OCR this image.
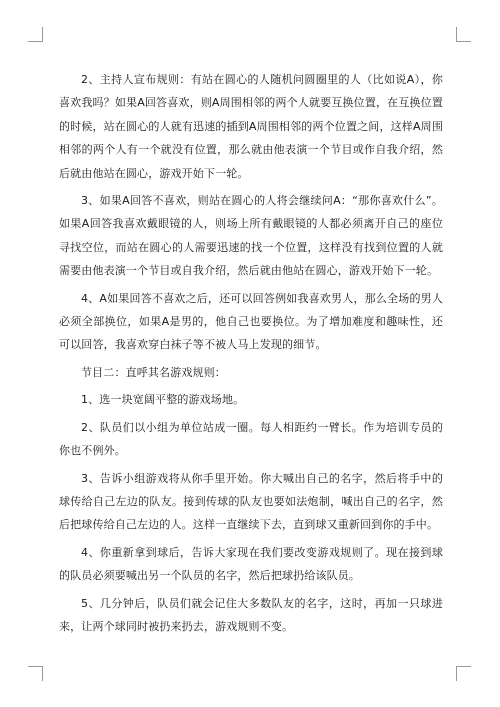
2、主持人宣布规则：有站在圆心的人随机问圆圈里的人（比如说A），你喜欢我吗？如果A回答喜欢，则A周围相邻的两个人就要互换位置，在互换位置的时候，站在圆心的人就有迅速的插到A周围相邻的两个位置之间，这样A周围相邻的两个人有一个就没有位置，那么就由他表演一个节目或作自我介绍，然后就由他站在圆心，游戏开始下一轮。

3、如果A回答不喜欢，则站在圆心的人将会继续问A：“那你喜欢什么”。如果A回答我喜欢戴眼镜的人，则场上所有戴眼镜的人都必须离开自己的座位寻找空位，而站在圆心的人需要迅速的找一个位置，这样没有找到位置的人就需要由他表演一个节目或自我介绍，然后就由他站在圆心，游戏开始下一轮。

4、A如果回答不喜欢之后，还可以回答例如我喜欢男人，那么全场的男人必须全部换位，如果A是男的，他自己也要换位。为了增加难度和趣味性，还可以回答，我喜欢穿白袜子等不被人马上发现的细节。

节目二：直呼其名游戏规则：

1、选一块宽阔平整的游戏场地。

2、队员们以小组为单位站成一圈。每人相距约一臂长。作为培训专员的你也不例外。

3、告诉小组游戏将从你手里开始。你大喊出自己的名字，然后将手中的球传给自己左边的队友。接到传球的队友也要如法炮制，喊出自己的名字，然后把球传给自己左边的人。这样一直继续下去，直到球又重新回到你的手中。

4、你重新拿到球后，告诉大家现在我们要改变游戏规则了。现在接到球的队员必须要喊出另一个队员的名字，然后把球扔给该队员。

5、几分钟后，队员们就会记住大多数队友的名字，这时，再加一只球进来，让两个球同时被扔来扔去，游戏规则不变。
